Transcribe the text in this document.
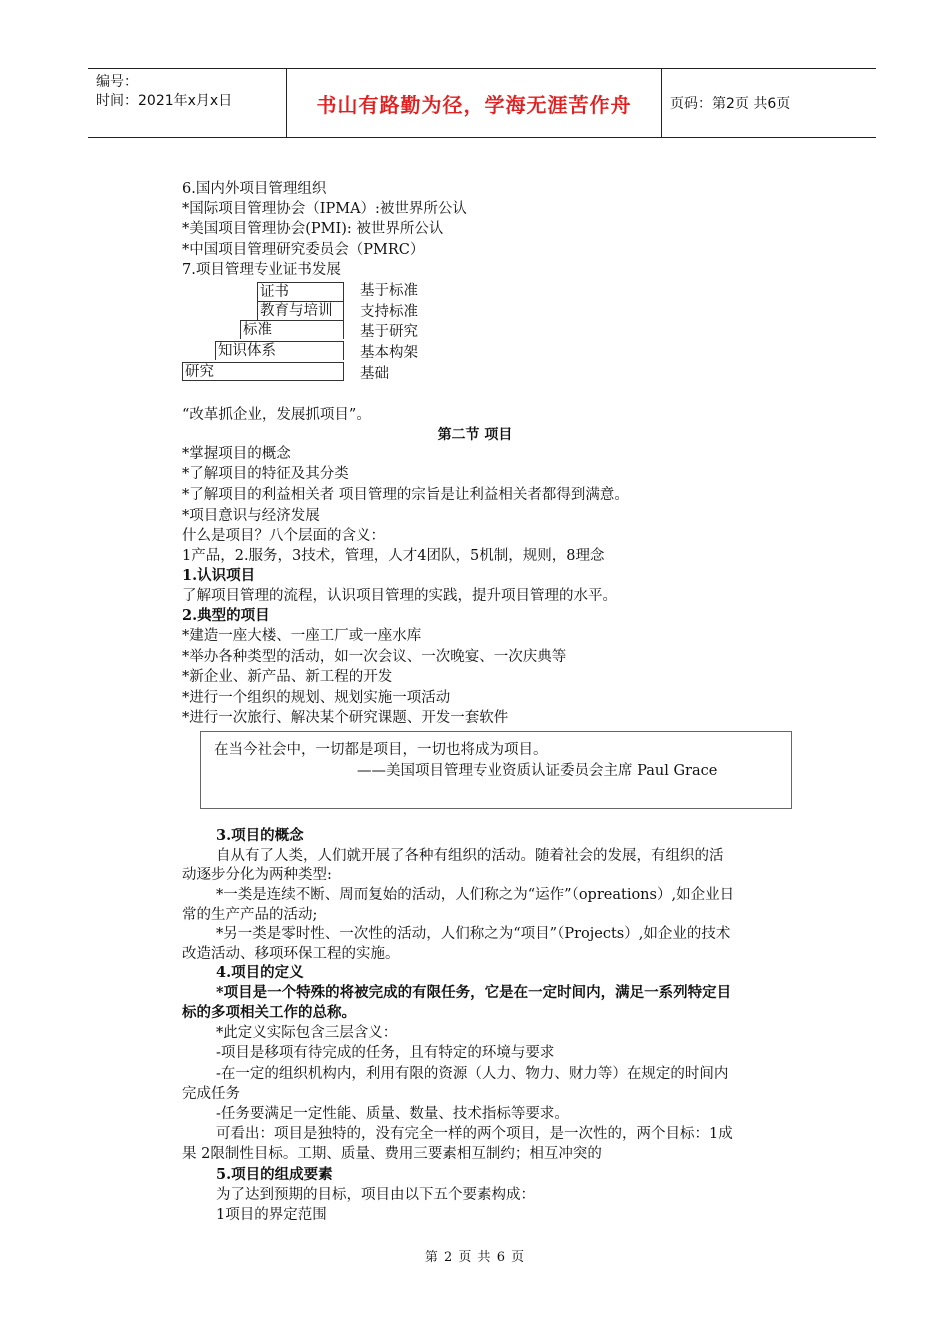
编号：
时间：2021年x月x日	书山有路勤为径，学海无涯苦作舟	页码：第2页 共6页
6.国内外项目管理组织
*国际项目管理协会（IPMA）:被世界所公认
*美国项目管理协会(PMI): 被世界所公认
*中国项目管理研究委员会（PMRC）
7.项目管理专业证书发展
证书
教育与培训
标准
知识体系
研究
基于标准
支持标准
基于研究
基本构架
基础
“改革抓企业，发展抓项目”。
第二节 项目
*掌握项目的概念
*了解项目的特征及其分类
*了解项目的利益相关者 项目管理的宗旨是让利益相关者都得到满意。
*项目意识与经济发展
什么是项目？八个层面的含义：
1产品，2.服务，3技术，管理，人才4团队，5机制，规则，8理念
1.认识项目
了解项目管理的流程，认识项目管理的实践，提升项目管理的水平。
2.典型的项目
*建造一座大楼、一座工厂或一座水库
*举办各种类型的活动，如一次会议、一次晚宴、一次庆典等
*新企业、新产品、新工程的开发
*进行一个组织的规划、规划实施一项活动
*进行一次旅行、解决某个研究课题、开发一套软件
在当今社会中，一切都是项目，一切也将成为项目。
——美国项目管理专业资质认证委员会主席 Paul Grace
3.项目的概念
自从有了人类，人们就开展了各种有组织的活动。随着社会的发展，有组织的活
动逐步分化为两种类型:
*一类是连续不断、周而复始的活动，人们称之为“运作”（opreations）,如企业日
常的生产产品的活动;
*另一类是零时性、一次性的活动，人们称之为“项目”（Projects）,如企业的技术
改造活动、移项环保工程的实施。
4.项目的定义
*项目是一个特殊的将被完成的有限任务，它是在一定时间内，满足一系列特定目
标的多项相关工作的总称。
*此定义实际包含三层含义：
-项目是移项有待完成的任务，且有特定的环境与要求
-在一定的组织机构内，利用有限的资源（人力、物力、财力等）在规定的时间内
完成任务
-任务要满足一定性能、质量、数量、技术指标等要求。
可看出：项目是独特的，没有完全一样的两个项目，是一次性的，两个目标：1成
果 2限制性目标。工期、质量、费用三要素相互制约；相互冲突的
5.项目的组成要素
为了达到预期的目标，项目由以下五个要素构成：
1项目的界定范围
第 2 页 共 6 页
